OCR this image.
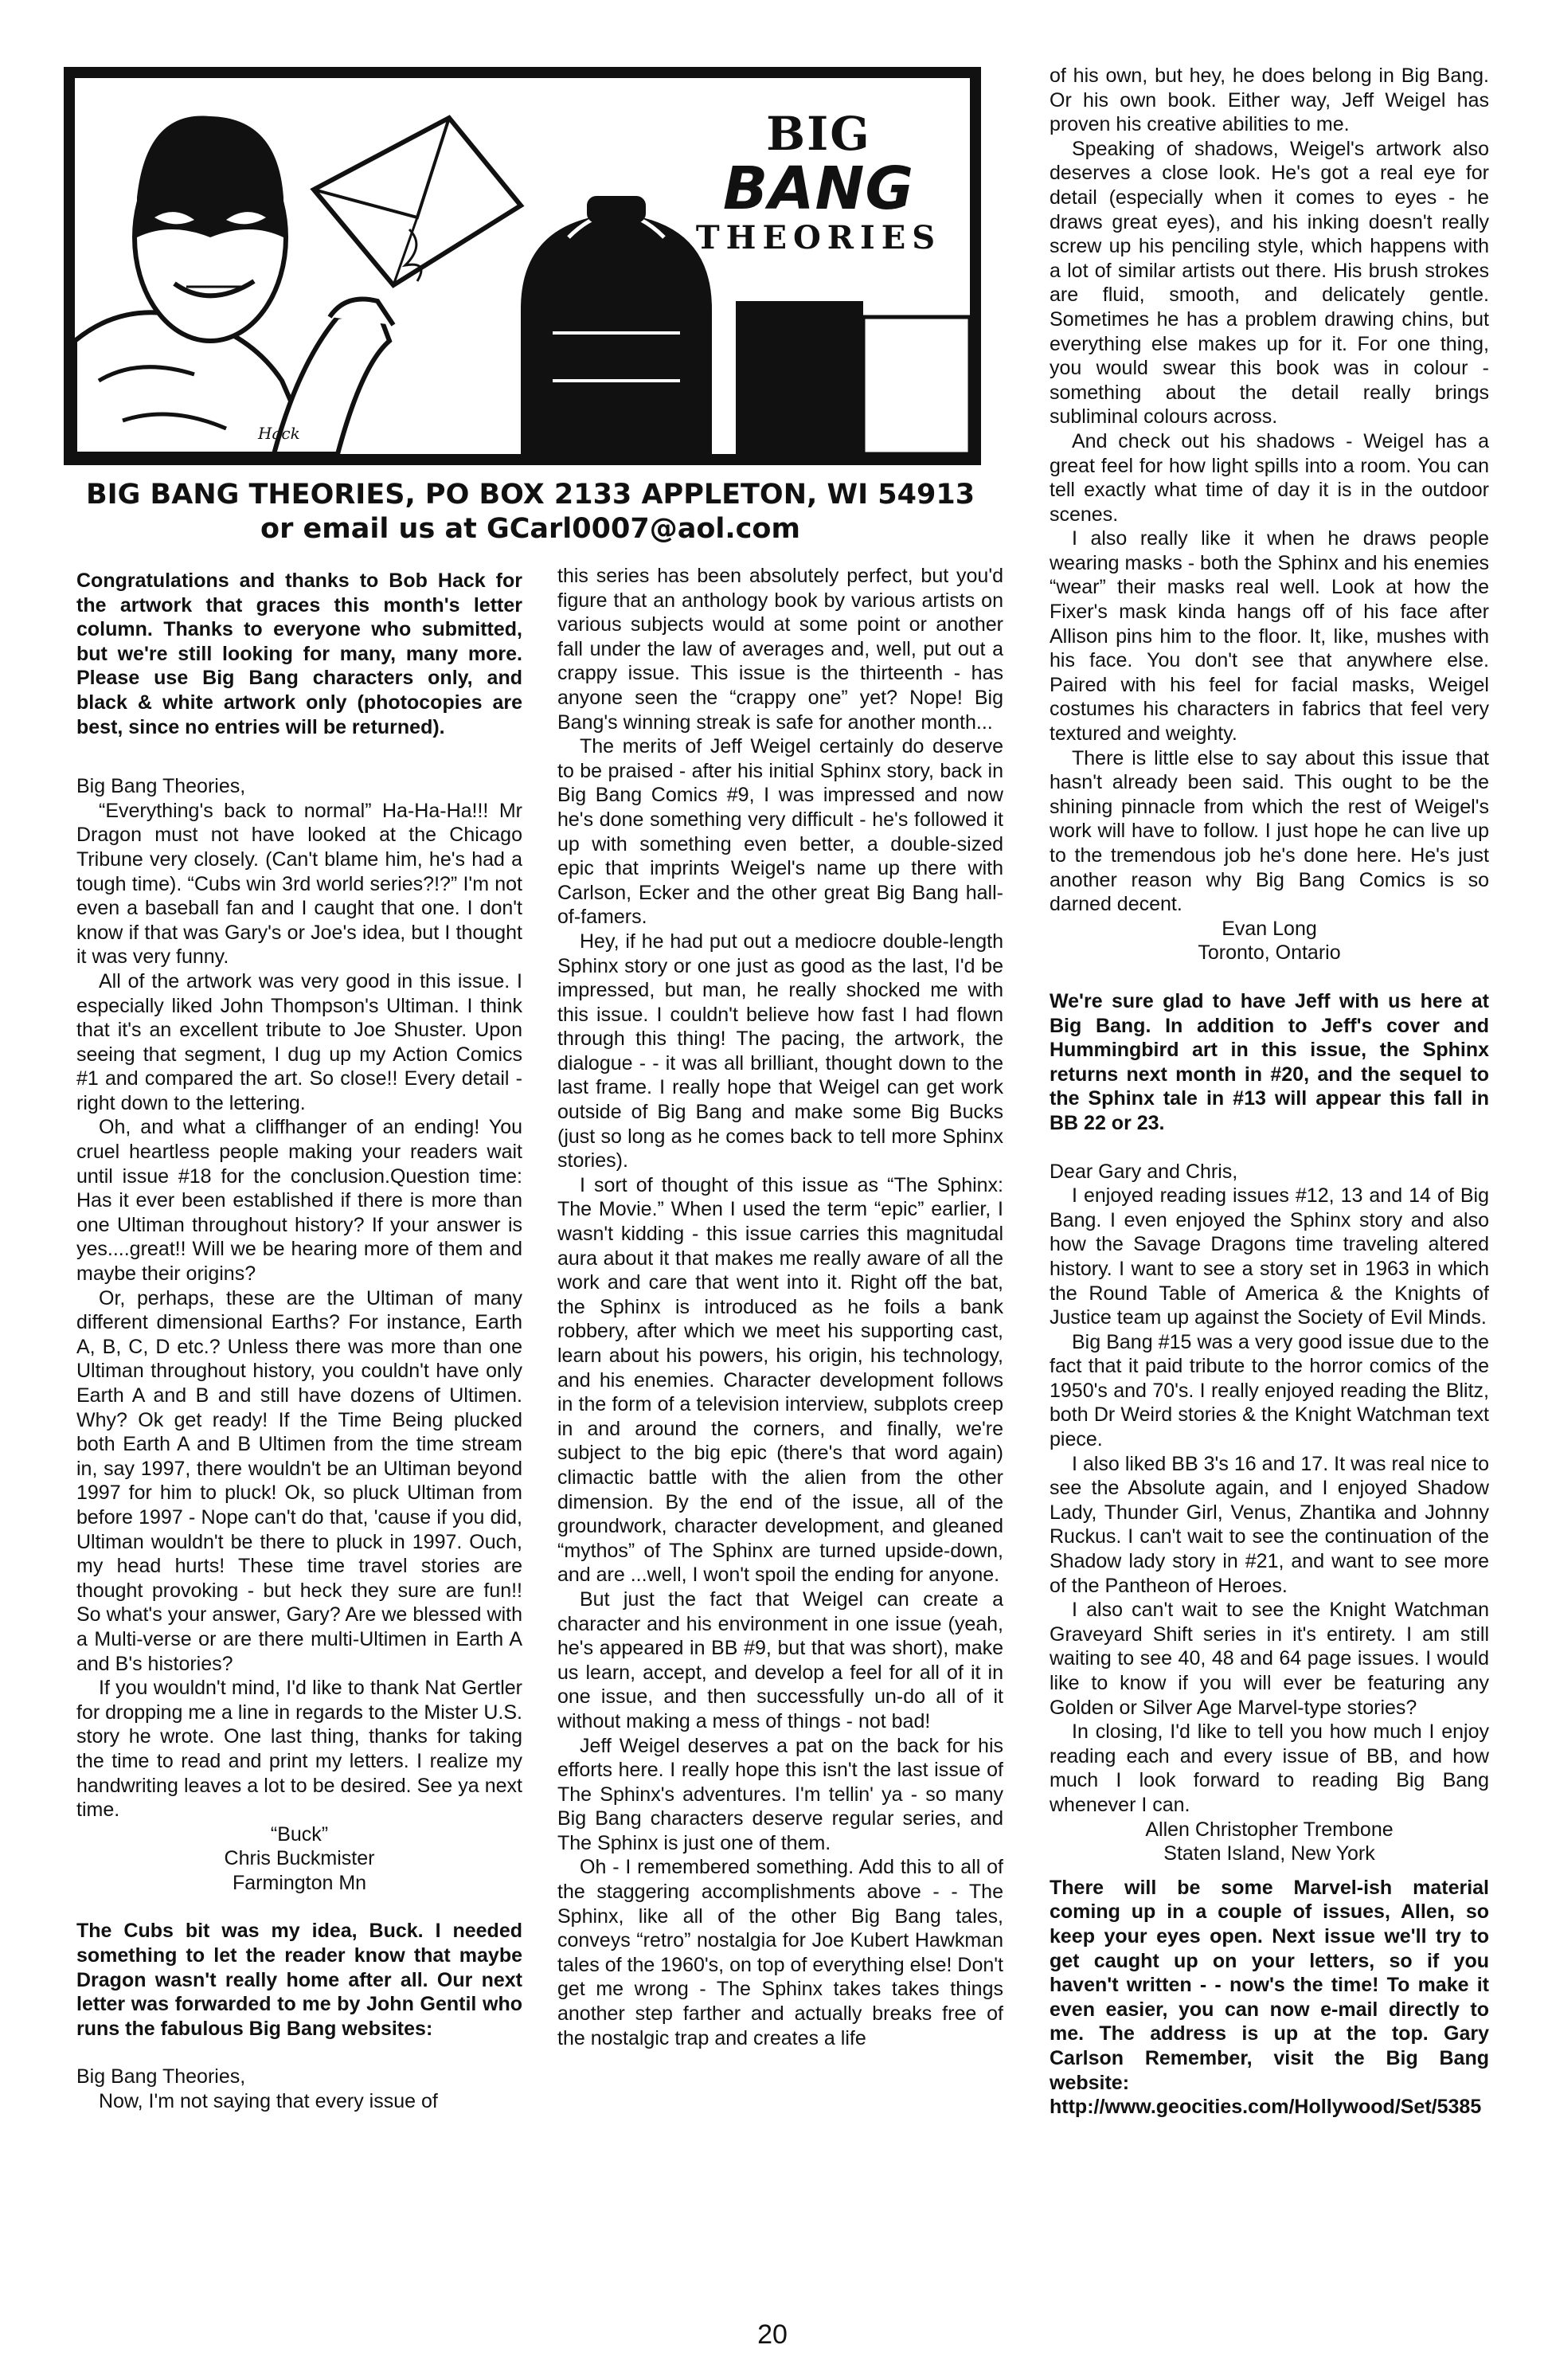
BIG
BANG
THEORIES
Hack
BIG BANG THEORIES, PO BOX 2133 APPLETON, WI 54913
or email us at GCarl0007@aol.com

Congratulations and thanks to Bob Hack for the artwork that graces this month's letter column. Thanks to everyone who submitted, but we're still looking for many, many more. Please use Big Bang characters only, and black & white artwork only (photocopies are best, since no entries will be returned).

Big Bang Theories,

“Everything's back to normal” Ha-Ha-Ha!!! Mr Dragon must not have looked at the Chicago Tribune very closely. (Can't blame him, he's had a tough time). “Cubs win 3rd world series?!?” I'm not even a baseball fan and I caught that one. I don't know if that was Gary's or Joe's idea, but I thought it was very funny.

All of the artwork was very good in this issue. I especially liked John Thompson's Ultiman. I think that it's an excellent tribute to Joe Shuster. Upon seeing that segment, I dug up my Action Comics #1 and compared the art. So close!! Every detail - right down to the lettering.

Oh, and what a cliffhanger of an ending! You cruel heartless people making your readers wait until issue #18 for the conclusion.Question time: Has it ever been established if there is more than one Ultiman throughout history? If your answer is yes....great!! Will we be hearing more of them and maybe their origins?

Or, perhaps, these are the Ultiman of many different dimensional Earths? For instance, Earth A, B, C, D etc.? Unless there was more than one Ultiman throughout history, you couldn't have only Earth A and B and still have dozens of Ultimen. Why? Ok get ready! If the Time Being plucked both Earth A and B Ultimen from the time stream in, say 1997, there wouldn't be an Ultiman beyond 1997 for him to pluck! Ok, so pluck Ultiman from before 1997 - Nope can't do that, 'cause if you did, Ultiman wouldn't be there to pluck in 1997. Ouch, my head hurts! These time travel stories are thought provoking - but heck they sure are fun!! So what's your answer, Gary? Are we blessed with a Multi-verse or are there multi-Ultimen in Earth A and B's histories?

If you wouldn't mind, I'd like to thank Nat Gertler for dropping me a line in regards to the Mister U.S. story he wrote. One last thing, thanks for taking the time to read and print my letters. I realize my handwriting leaves a lot to be desired. See ya next time.

“Buck”

Chris Buckmister

Farmington Mn

The Cubs bit was my idea, Buck. I needed something to let the reader know that maybe Dragon wasn't really home after all. Our next letter was forwarded to me by John Gentil who runs the fabulous Big Bang websites:

Big Bang Theories,

Now, I'm not saying that every issue of

this series has been absolutely perfect, but you'd figure that an anthology book by various artists on various subjects would at some point or another fall under the law of averages and, well, put out a crappy issue. This issue is the thirteenth - has anyone seen the “crappy one” yet? Nope! Big Bang's winning streak is safe for another month...

The merits of Jeff Weigel certainly do deserve to be praised - after his initial Sphinx story, back in Big Bang Comics #9, I was impressed and now he's done something very difficult - he's followed it up with something even better, a double-sized epic that imprints Weigel's name up there with Carlson, Ecker and the other great Big Bang hall-of-famers.

Hey, if he had put out a mediocre double-length Sphinx story or one just as good as the last, I'd be impressed, but man, he really shocked me with this issue. I couldn't believe how fast I had flown through this thing! The pacing, the artwork, the dialogue - - it was all brilliant, thought down to the last frame. I really hope that Weigel can get work outside of Big Bang and make some Big Bucks (just so long as he comes back to tell more Sphinx stories).

I sort of thought of this issue as “The Sphinx: The Movie.” When I used the term “epic” earlier, I wasn't kidding - this issue carries this magnitudal aura about it that makes me really aware of all the work and care that went into it. Right off the bat, the Sphinx is introduced as he foils a bank robbery, after which we meet his supporting cast, learn about his powers, his origin, his technology, and his enemies. Character development follows in the form of a television interview, subplots creep in and around the corners, and finally, we're subject to the big epic (there's that word again) climactic battle with the alien from the other dimension. By the end of the issue, all of the groundwork, character development, and gleaned “mythos” of The Sphinx are turned upside-down, and are ...well, I won't spoil the ending for anyone.

But just the fact that Weigel can create a character and his environment in one issue (yeah, he's appeared in BB #9, but that was short), make us learn, accept, and develop a feel for all of it in one issue, and then successfully un-do all of it without making a mess of things - not bad!

Jeff Weigel deserves a pat on the back for his efforts here. I really hope this isn't the last issue of The Sphinx's adventures. I'm tellin' ya - so many Big Bang characters deserve regular series, and The Sphinx is just one of them.

Oh - I remembered something. Add this to all of the staggering accomplishments above - - The Sphinx, like all of the other Big Bang tales, conveys “retro” nostalgia for Joe Kubert Hawkman tales of the 1960's, on top of everything else! Don't get me wrong - The Sphinx takes takes things another step farther and actually breaks free of the nostalgic trap and creates a life

of his own, but hey, he does belong in Big Bang. Or his own book. Either way, Jeff Weigel has proven his creative abilities to me.

Speaking of shadows, Weigel's artwork also deserves a close look. He's got a real eye for detail (especially when it comes to eyes - he draws great eyes), and his inking doesn't really screw up his penciling style, which happens with a lot of similar artists out there. His brush strokes are fluid, smooth, and delicately gentle. Sometimes he has a problem drawing chins, but everything else makes up for it. For one thing, you would swear this book was in colour - something about the detail really brings subliminal colours across.

And check out his shadows - Weigel has a great feel for how light spills into a room. You can tell exactly what time of day it is in the outdoor scenes.

I also really like it when he draws people wearing masks - both the Sphinx and his enemies “wear” their masks real well. Look at how the Fixer's mask kinda hangs off of his face after Allison pins him to the floor. It, like, mushes with his face. You don't see that anywhere else. Paired with his feel for facial masks, Weigel costumes his characters in fabrics that feel very textured and weighty.

There is little else to say about this issue that hasn't already been said. This ought to be the shining pinnacle from which the rest of Weigel's work will have to follow. I just hope he can live up to the tremendous job he's done here. He's just another reason why Big Bang Comics is so darned decent.

Evan Long

Toronto, Ontario

We're sure glad to have Jeff with us here at Big Bang. In addition to Jeff's cover and Hummingbird art in this issue, the Sphinx returns next month in #20, and the sequel to the Sphinx tale in #13 will appear this fall in BB 22 or 23.

Dear Gary and Chris,

I enjoyed reading issues #12, 13 and 14 of Big Bang. I even enjoyed the Sphinx story and also how the Savage Dragons time traveling altered history. I want to see a story set in 1963 in which the Round Table of America & the Knights of Justice team up against the Society of Evil Minds.

Big Bang #15 was a very good issue due to the fact that it paid tribute to the horror comics of the 1950's and 70's. I really enjoyed reading the Blitz, both Dr Weird stories & the Knight Watchman text piece.

I also liked BB 3's 16 and 17. It was real nice to see the Absolute again, and I enjoyed Shadow Lady, Thunder Girl, Venus, Zhantika and Johnny Ruckus. I can't wait to see the continuation of the Shadow lady story in #21, and want to see more of the Pantheon of Heroes.

I also can't wait to see the Knight Watchman Graveyard Shift series in it's entirety. I am still waiting to see 40, 48 and 64 page issues. I would like to know if you will ever be featuring any Golden or Silver Age Marvel-type stories?

In closing, I'd like to tell you how much I enjoy reading each and every issue of BB, and how much I look forward to reading Big Bang whenever I can.

Allen Christopher Trembone

Staten Island, New York

There will be some Marvel-ish material coming up in a couple of issues, Allen, so keep your eyes open. Next issue we'll try to get caught up on your letters, so if you haven't written - - now's the time! To make it even easier, you can now e-mail directly to me. The address is up at the top. Gary Carlson Remember, visit the Big Bang website: http://www.geocities.com/Hollywood/Set/5385

20
